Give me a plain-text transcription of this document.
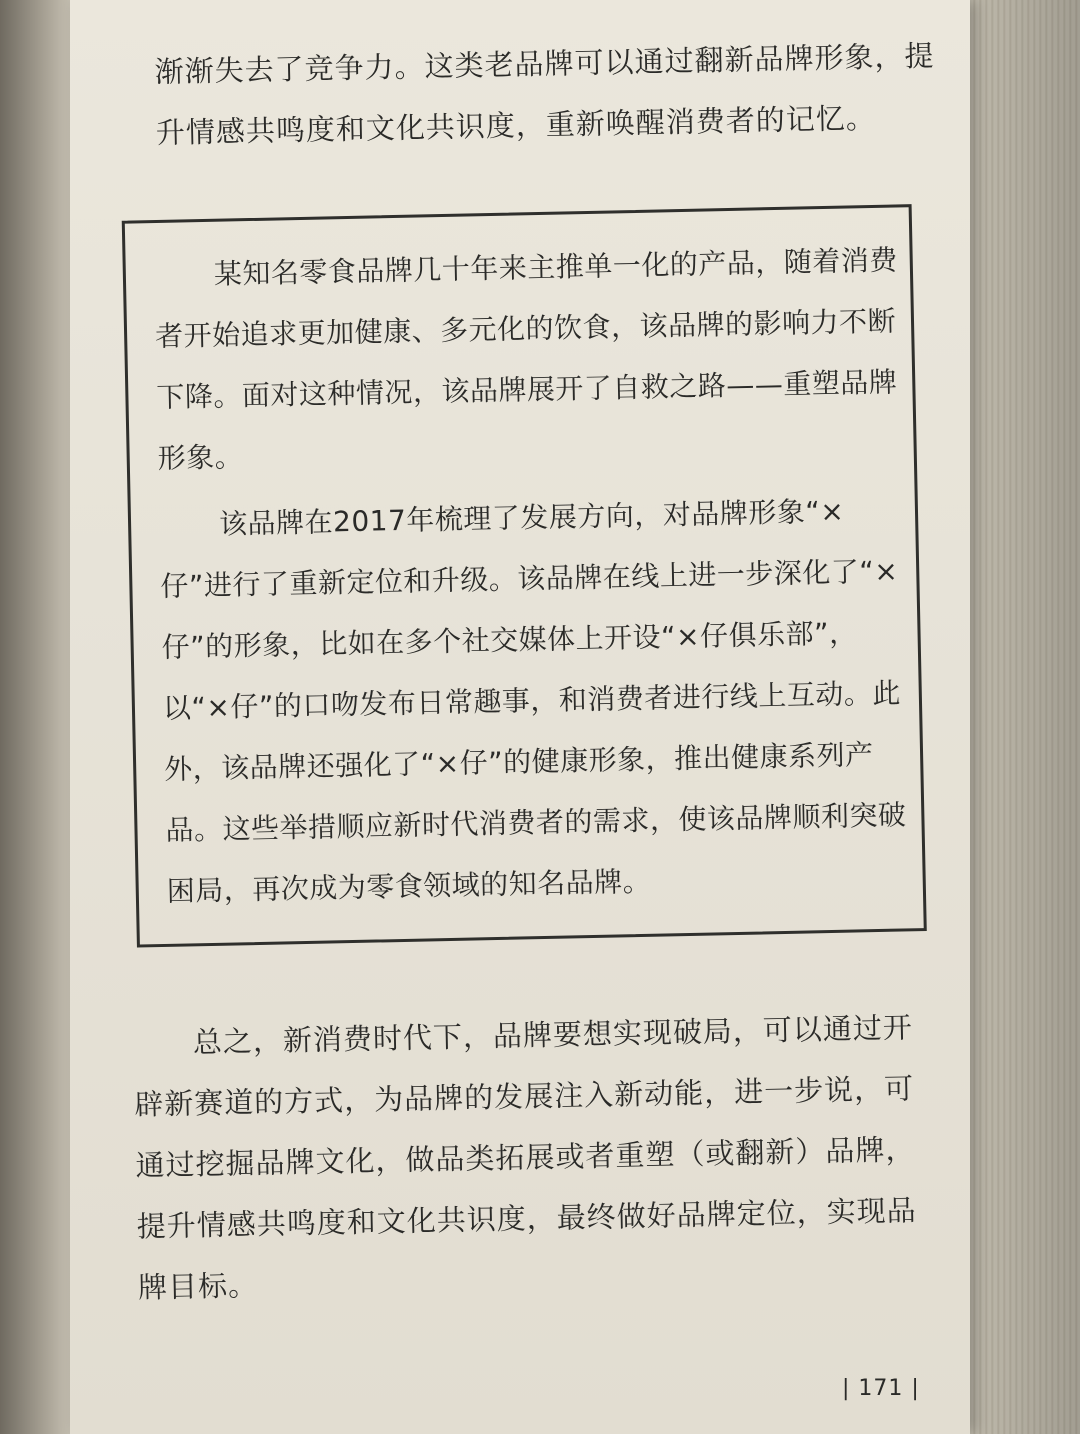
渐渐失去了竞争力。这类老品牌可以通过翻新品牌形象，提升情感共鸣度和文化共识度，重新唤醒消费者的记忆。

某知名零食品牌几十年来主推单一化的产品，随着消费者开始追求更加健康、多元化的饮食，该品牌的影响力不断下降。面对这种情况，该品牌展开了自救之路——重塑品牌形象。

该品牌在2017年梳理了发展方向，对品牌形象“×仔”进行了重新定位和升级。该品牌在线上进一步深化了“×仔”的形象，比如在多个社交媒体上开设“×仔俱乐部”，以“×仔”的口吻发布日常趣事，和消费者进行线上互动。此外，该品牌还强化了“×仔”的健康形象，推出健康系列产品。这些举措顺应新时代消费者的需求，使该品牌顺利突破困局，再次成为零食领域的知名品牌。

总之，新消费时代下，品牌要想实现破局，可以通过开辟新赛道的方式，为品牌的发展注入新动能，进一步说，可通过挖掘品牌文化，做品类拓展或者重塑（或翻新）品牌，提升情感共鸣度和文化共识度，最终做好品牌定位，实现品牌目标。

| 171 |
